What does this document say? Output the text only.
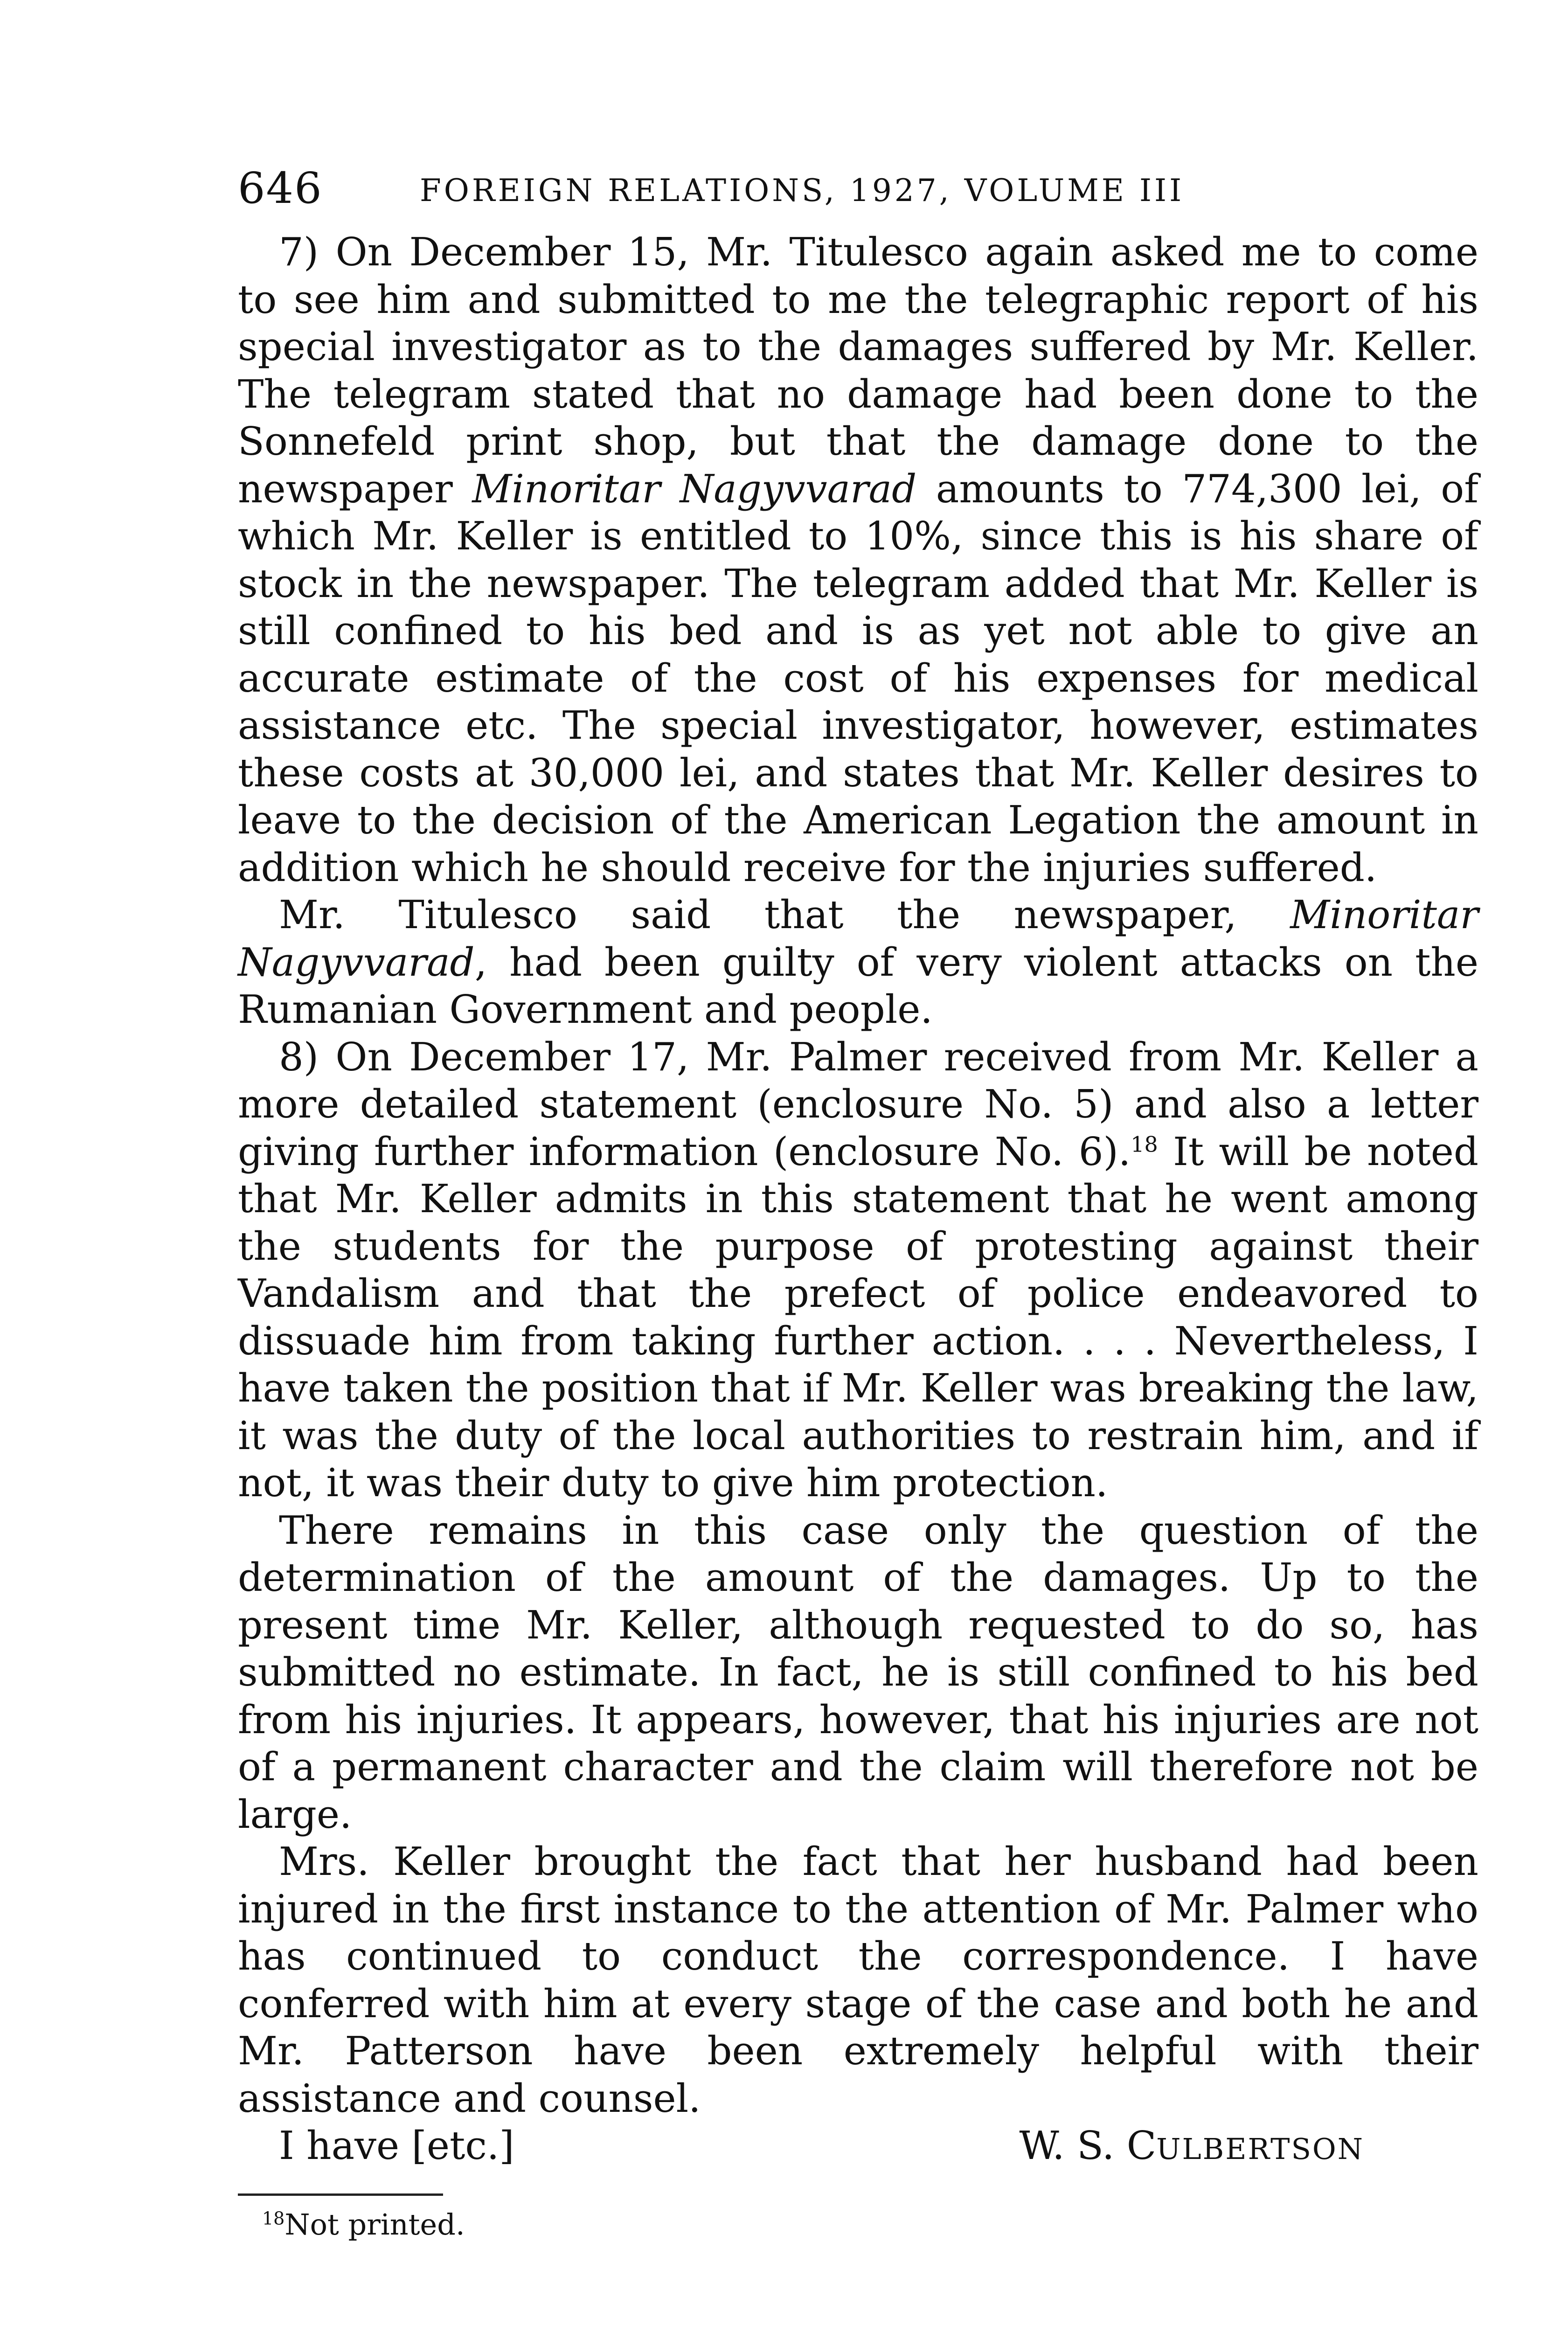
646	FOREIGN RELATIONS, 1927, VOLUME III

7) On December 15, Mr. Titulesco again asked me to come to see him and submitted to me the telegraphic report of his special investigator as to the damages suffered by Mr. Keller. The telegram stated that no damage had been done to the Sonnefeld print shop, but that the damage done to the newspaper Minoritar Nagyvvarad amounts to 774,300 lei, of which Mr. Keller is entitled to 10%, since this is his share of stock in the newspaper. The telegram added that Mr. Keller is still confined to his bed and is as yet not able to give an accurate estimate of the cost of his expenses for medical assistance etc. The special investigator, however, estimates these costs at 30,000 lei, and states that Mr. Keller desires to leave to the decision of the American Legation the amount in addition which he should receive for the injuries suffered.

Mr. Titulesco said that the newspaper, Minoritar Nagyvvarad, had been guilty of very violent attacks on the Rumanian Government and people.

8) On December 17, Mr. Palmer received from Mr. Keller a more detailed statement (enclosure No. 5) and also a letter giving further information (enclosure No. 6).$^{18}$ It will be noted that Mr. Keller admits in this statement that he went among the students for the purpose of protesting against their Vandalism and that the prefect of police endeavored to dissuade him from taking further action. . . . Nevertheless, I have taken the position that if Mr. Keller was breaking the law, it was the duty of the local authorities to restrain him, and if not, it was their duty to give him protection.

There remains in this case only the question of the determination of the amount of the damages. Up to the present time Mr. Keller, although requested to do so, has submitted no estimate. In fact, he is still confined to his bed from his injuries. It appears, however, that his injuries are not of a permanent character and the claim will therefore not be large.

Mrs. Keller brought the fact that her husband had been injured in the first instance to the attention of Mr. Palmer who has continued to conduct the correspondence. I have conferred with him at every stage of the case and both he and Mr. Patterson have been extremely helpful with their assistance and counsel.

I have [etc.]	W. S. CULBERTSON
$^{18}$Not printed.
